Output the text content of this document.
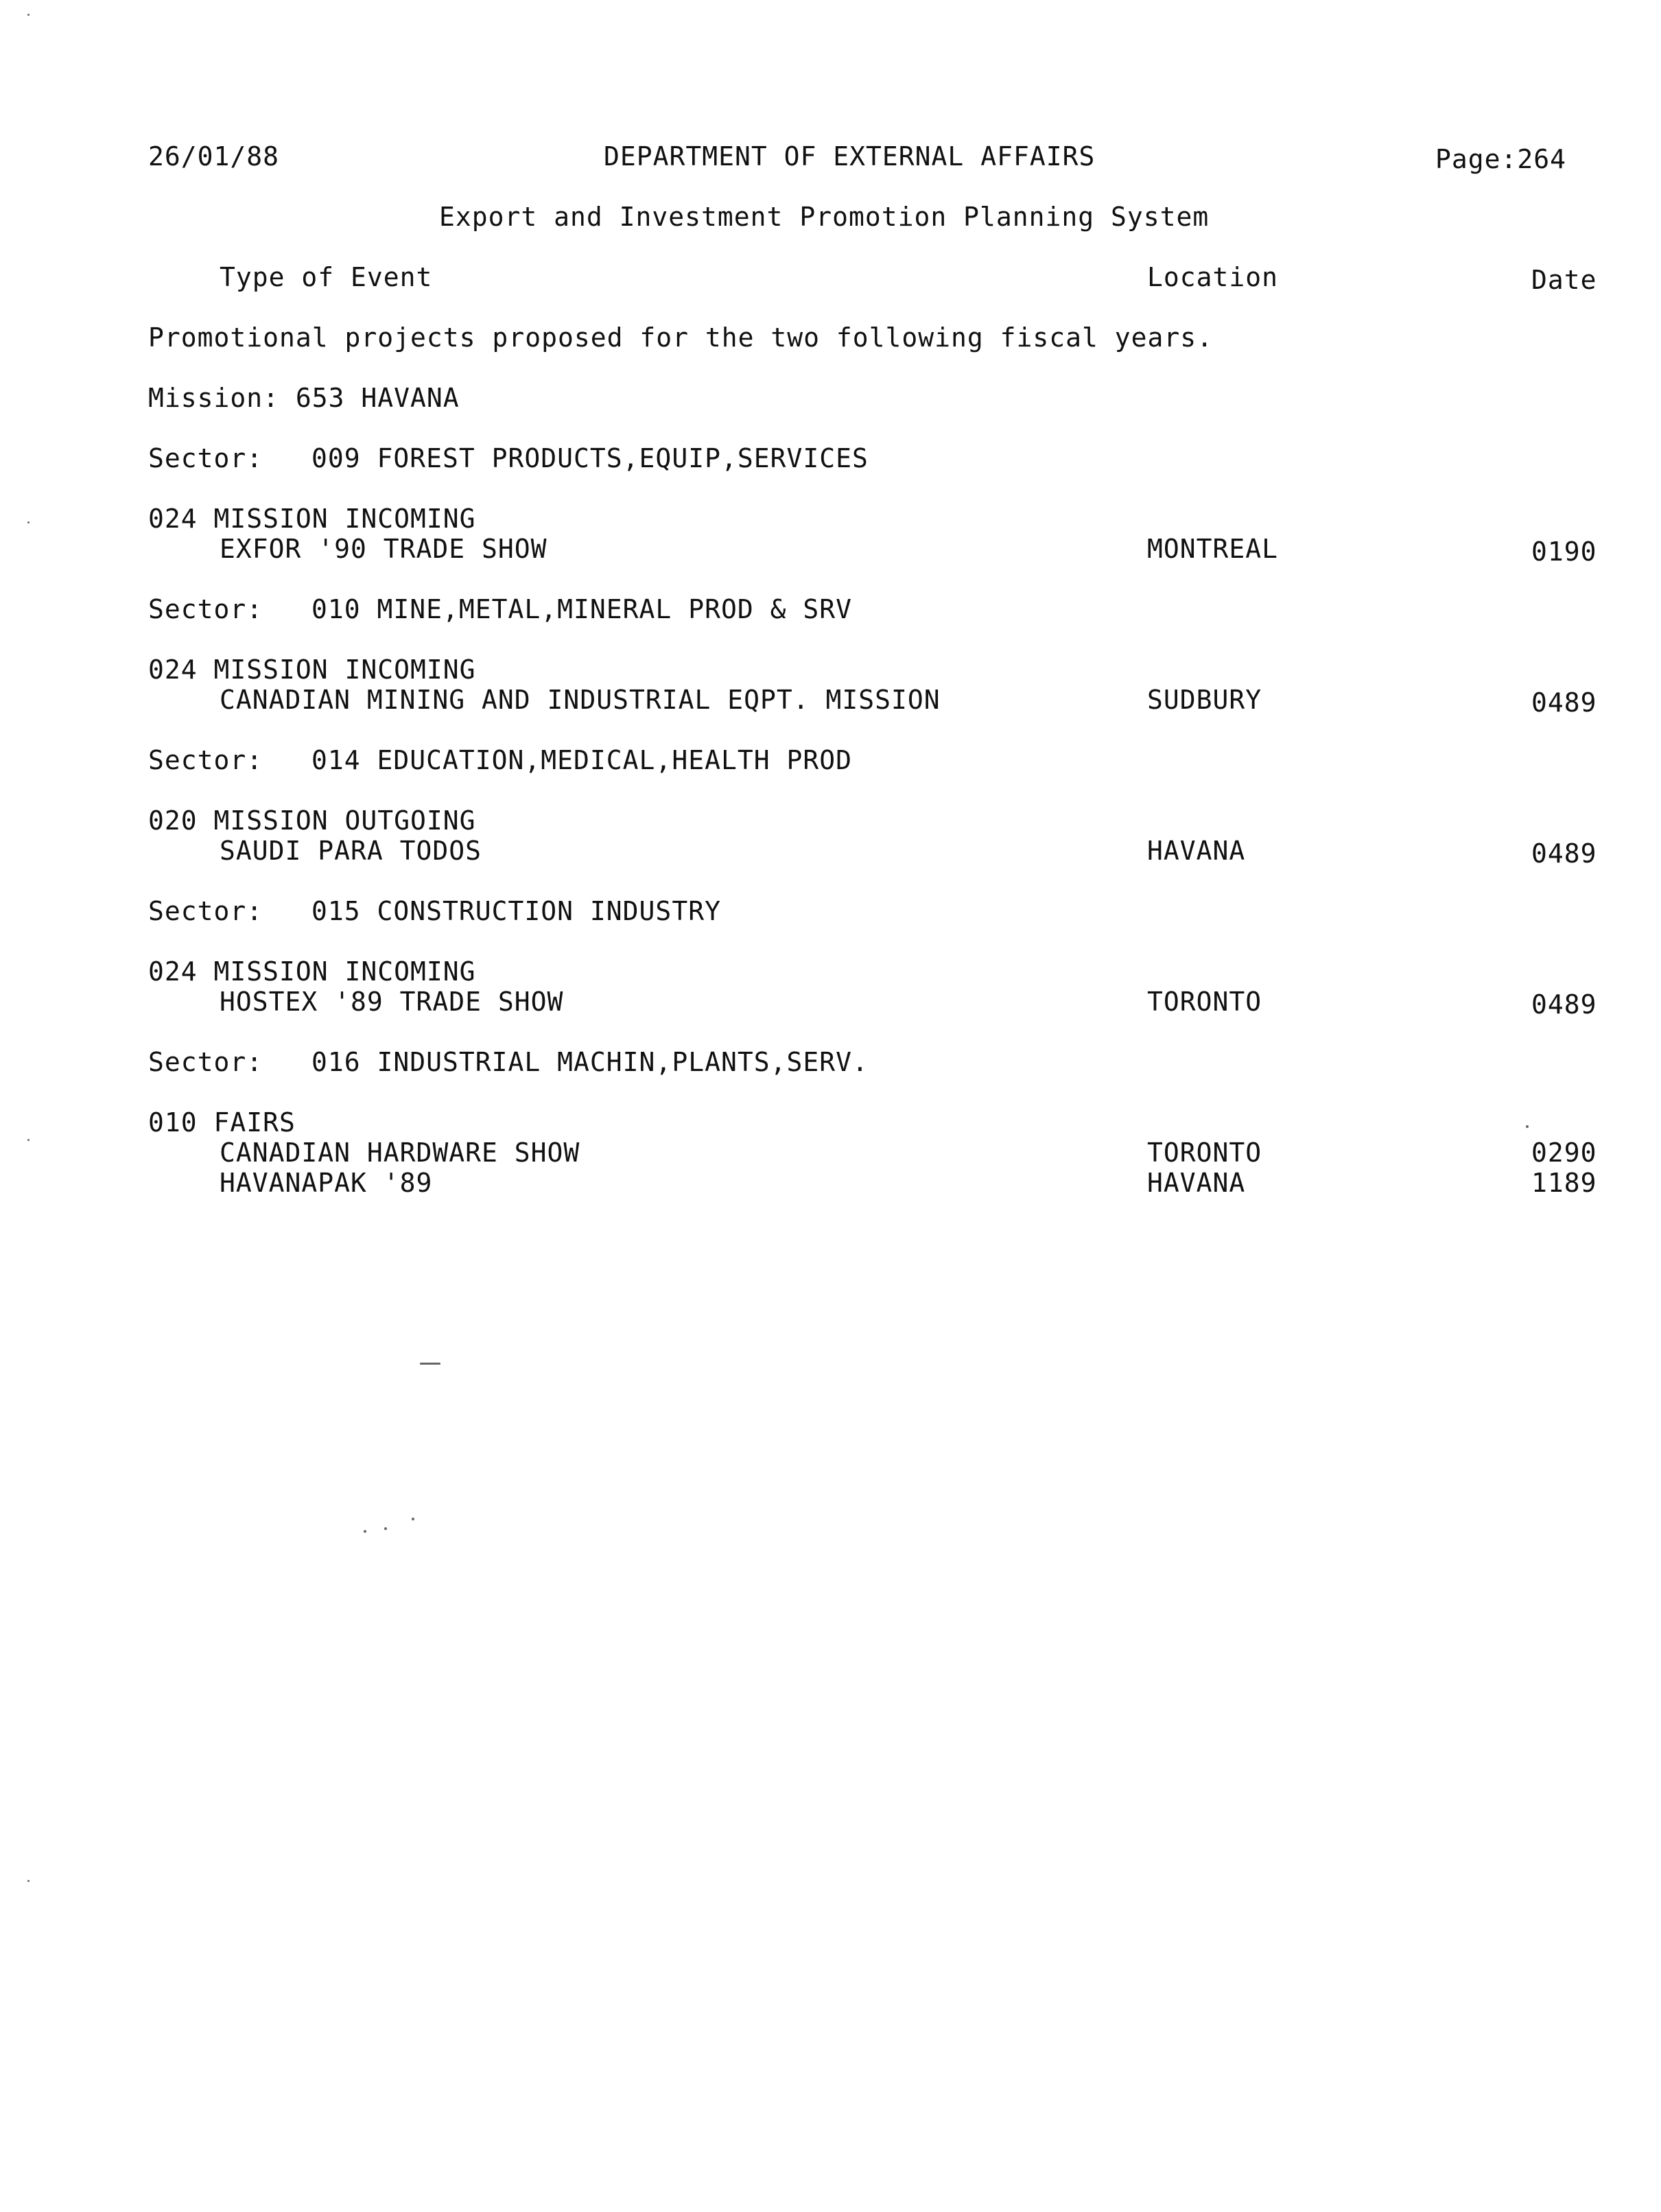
26/01/88	DEPARTMENT OF EXTERNAL AFFAIRS	Page:264
Export and Investment Promotion Planning System
Type of Event	Location	Date
Promotional projects proposed for the two following fiscal years.
Mission: 653 HAVANA
Sector: 009 FOREST PRODUCTS,EQUIP,SERVICES
024 MISSION INCOMING
EXFOR '90 TRADE SHOW	MONTREAL	0190
Sector: 010 MINE,METAL,MINERAL PROD & SRV
024 MISSION INCOMING
CANADIAN MINING AND INDUSTRIAL EQPT. MISSION	SUDBURY	0489
Sector: 014 EDUCATION,MEDICAL,HEALTH PROD
020 MISSION OUTGOING
SAUDI PARA TODOS	HAVANA	0489
Sector: 015 CONSTRUCTION INDUSTRY
024 MISSION INCOMING
HOSTEX '89 TRADE SHOW	TORONTO	0489
Sector: 016 INDUSTRIAL MACHIN,PLANTS,SERV.
010 FAIRS
CANADIAN HARDWARE SHOW	TORONTO	0290
HAVANAPAK '89	HAVANA	1189
